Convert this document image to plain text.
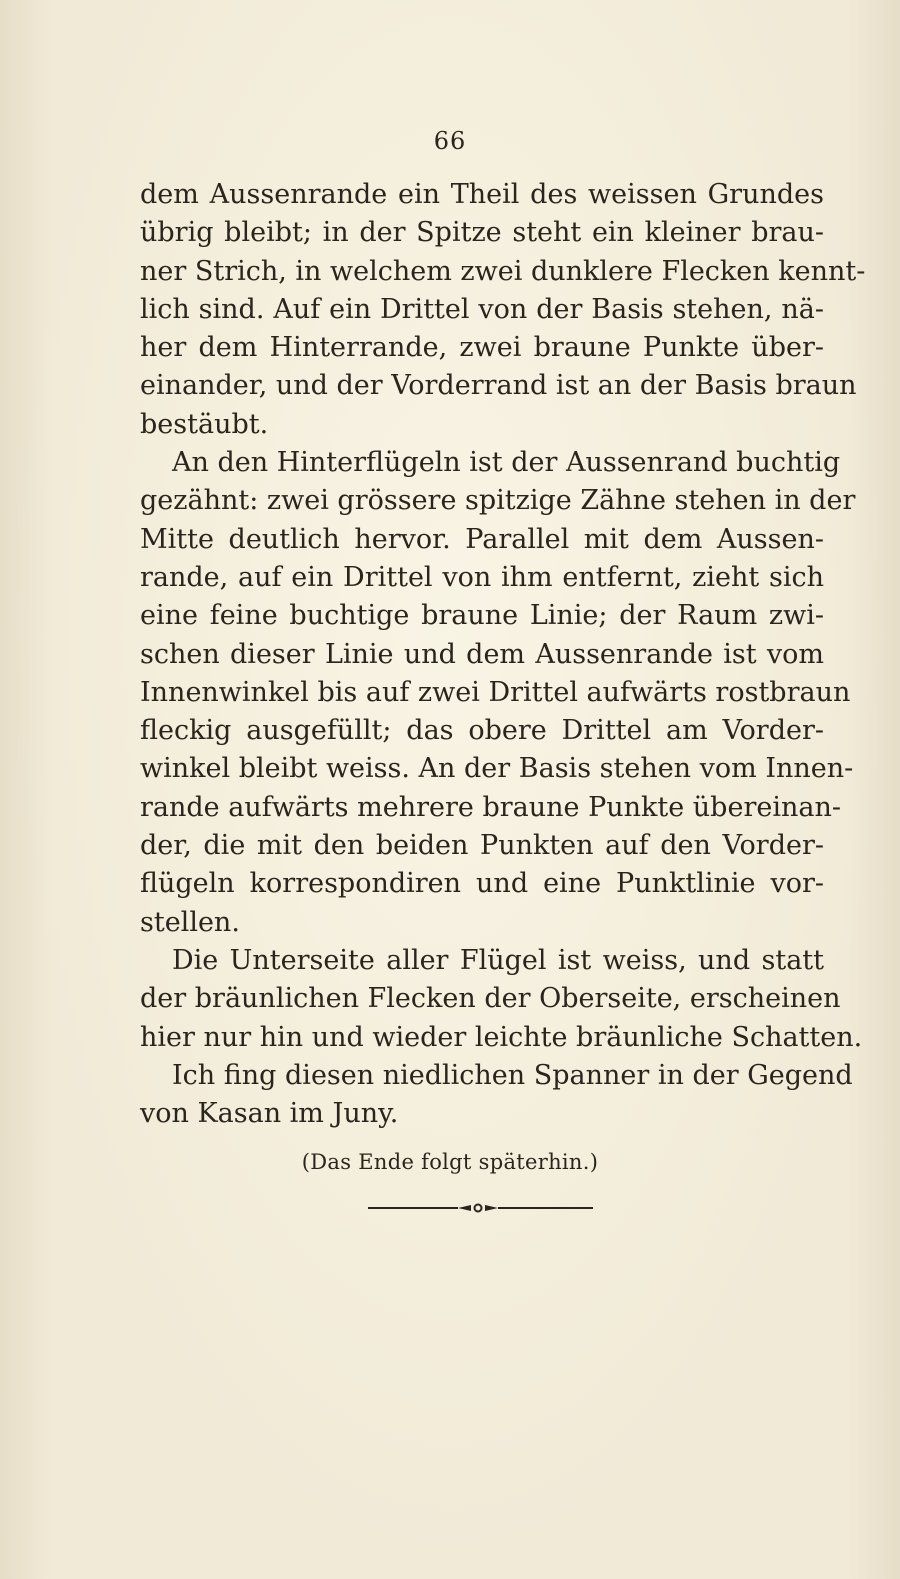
66
dem Aussenrande ein Theil des weissen Grundes
übrig bleibt; in der Spitze steht ein kleiner brau-
ner Strich, in welchem zwei dunklere Flecken kennt-
lich sind. Auf ein Drittel von der Basis stehen, nä-
her dem Hinterrande, zwei braune Punkte über-
einander, und der Vorderrand ist an der Basis braun
bestäubt.
An den Hinterflügeln ist der Aussenrand buchtig
gezähnt: zwei grössere spitzige Zähne stehen in der
Mitte deutlich hervor. Parallel mit dem Aussen-
rande, auf ein Drittel von ihm entfernt, zieht sich
eine feine buchtige braune Linie; der Raum zwi-
schen dieser Linie und dem Aussenrande ist vom
Innenwinkel bis auf zwei Drittel aufwärts rostbraun
fleckig ausgefüllt; das obere Drittel am Vorder-
winkel bleibt weiss. An der Basis stehen vom Innen-
rande aufwärts mehrere braune Punkte übereinan-
der, die mit den beiden Punkten auf den Vorder-
flügeln korrespondiren und eine Punktlinie vor-
stellen.
Die Unterseite aller Flügel ist weiss, und statt
der bräunlichen Flecken der Oberseite, erscheinen
hier nur hin und wieder leichte bräunliche Schatten.
Ich fing diesen niedlichen Spanner in der Gegend
von Kasan im Juny.
(Das Ende folgt späterhin.)
